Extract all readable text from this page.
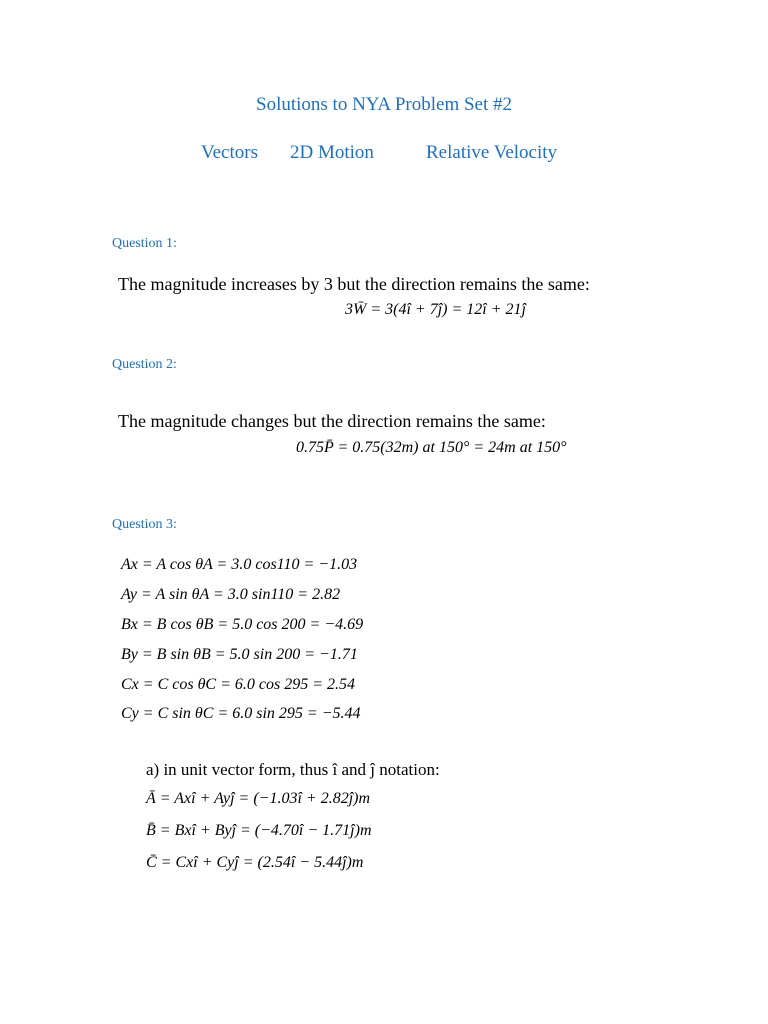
Solutions to NYA Problem Set #2
Vectors 2D Motion	Relative Velocity
Question 1:
The magnitude increases by 3 but the direction remains the same:
3W̄ = 3(4î + 7ĵ) = 12î + 21ĵ
Question 2:
The magnitude changes but the direction remains the same:
0.75P̄ = 0.75(32m) at 150° = 24m at 150°
Question 3:
Ax = A cos θA = 3.0 cos110 = −1.03
Ay = A sin θA = 3.0 sin110 = 2.82
Bx = B cos θB = 5.0 cos 200 = −4.69
By = B sin θB = 5.0 sin 200 = −1.71
Cx = C cos θC = 6.0 cos 295 = 2.54
Cy = C sin θC = 6.0 sin 295 = −5.44
a) in unit vector form, thus î and ĵ notation:
Ā = Axî + Ayĵ = (−1.03î + 2.82ĵ)m
B̄ = Bxî + Byĵ = (−4.70î − 1.71ĵ)m
C̄ = Cxî + Cyĵ = (2.54î − 5.44ĵ)m
